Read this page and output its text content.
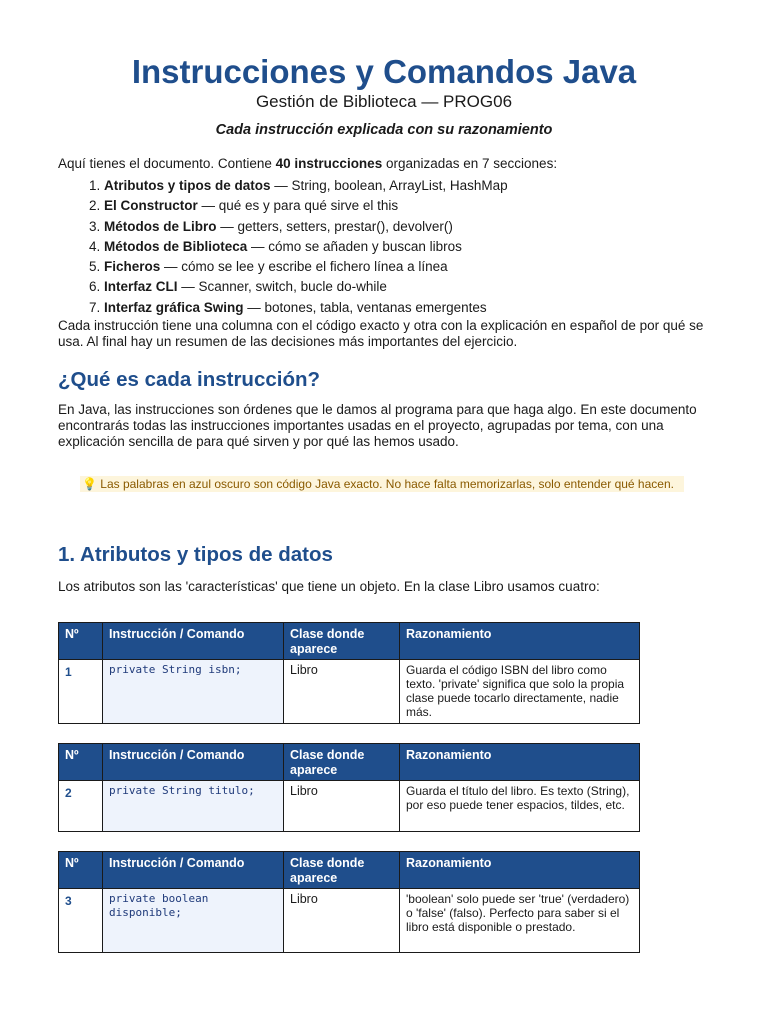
Instrucciones y Comandos Java

Gestión de Biblioteca — PROG06

Cada instrucción explicada con su razonamiento

Aquí tienes el documento. Contiene 40 instrucciones organizadas en 7 secciones:

1. Atributos y tipos de datos — String, boolean, ArrayList, HashMap
2. El Constructor — qué es y para qué sirve el this
3. Métodos de Libro — getters, setters, prestar(), devolver()
4. Métodos de Biblioteca — cómo se añaden y buscan libros
5. Ficheros — cómo se lee y escribe el fichero línea a línea
6. Interfaz CLI — Scanner, switch, bucle do-while
7. Interfaz gráfica Swing — botones, tabla, ventanas emergentes

Cada instrucción tiene una columna con el código exacto y otra con la explicación en español de por qué se usa. Al final hay un resumen de las decisiones más importantes del ejercicio.

¿Qué es cada instrucción?

En Java, las instrucciones son órdenes que le damos al programa para que haga algo. En este documento encontrarás todas las instrucciones importantes usadas en el proyecto, agrupadas por tema, con una explicación sencilla de para qué sirven y por qué las hemos usado.

💡 Las palabras en azul oscuro son código Java exacto. No hace falta memorizarlas, solo entender qué hacen.
1. Atributos y tipos de datos

Los atributos son las 'características' que tiene un objeto. En la clase Libro usamos cuatro:

Nº	Instrucción / Comando	Clase donde aparece	Razonamiento
1	private String isbn;	Libro	Guarda el código ISBN del libro como texto. 'private' significa que solo la propia clase puede tocarlo directamente, nadie más.
Nº	Instrucción / Comando	Clase donde aparece	Razonamiento
2	private String titulo;	Libro	Guarda el título del libro. Es texto (String), por eso puede tener espacios, tildes, etc.
Nº	Instrucción / Comando	Clase donde aparece	Razonamiento
3	private boolean disponible;	Libro	'boolean' solo puede ser 'true' (verdadero) o 'false' (falso). Perfecto para saber si el libro está disponible o prestado.
